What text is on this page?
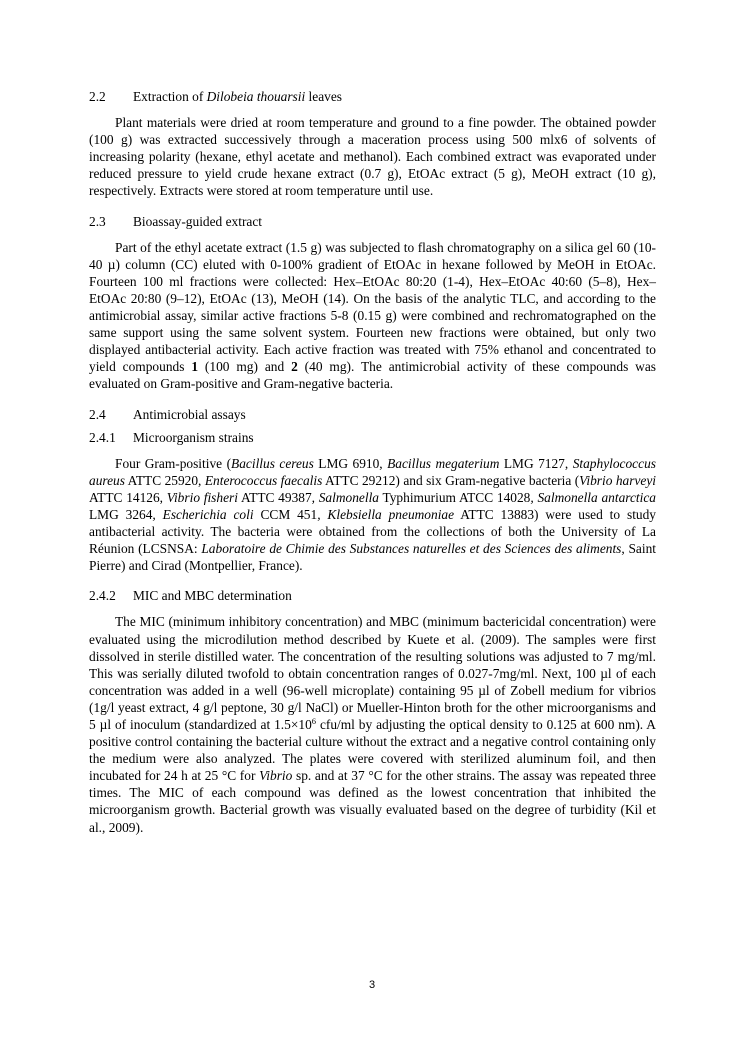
2.2	Extraction of Dilobeia thouarsii leaves

Plant materials were dried at room temperature and ground to a fine powder. The obtained powder (100 g) was extracted successively through a maceration process using 500 mlx6 of solvents of increasing polarity (hexane, ethyl acetate and methanol). Each combined extract was evaporated under reduced pressure to yield crude hexane extract (0.7 g), EtOAc extract (5 g), MeOH extract (10 g), respectively. Extracts were stored at room temperature until use.

2.3	Bioassay-guided extract

Part of the ethyl acetate extract (1.5 g) was subjected to flash chromatography on a silica gel 60 (10-40 µ) column (CC) eluted with 0-100% gradient of EtOAc in hexane followed by MeOH in EtOAc. Fourteen 100 ml fractions were collected: Hex–EtOAc 80:20 (1-4), Hex–EtOAc 40:60 (5–8), Hex– EtOAc 20:80 (9–12), EtOAc (13), MeOH (14). On the basis of the analytic TLC, and according to the antimicrobial assay, similar active fractions 5-8 (0.15 g) were combined and rechromatographed on the same support using the same solvent system. Fourteen new fractions were obtained, but only two displayed antibacterial activity. Each active fraction was treated with 75% ethanol and concentrated to yield compounds 1 (100 mg) and 2 (40 mg). The antimicrobial activity of these compounds was evaluated on Gram-positive and Gram-negative bacteria.

2.4	Antimicrobial assays
2.4.1	Microorganism strains

Four Gram-positive (Bacillus cereus LMG 6910, Bacillus megaterium LMG 7127, Staphylococcus aureus ATTC 25920, Enterococcus faecalis ATTC 29212) and six Gram-negative bacteria (Vibrio harveyi ATTC 14126, Vibrio fisheri ATTC 49387, Salmonella Typhimurium ATCC 14028, Salmonella antarctica LMG 3264, Escherichia coli CCM 451, Klebsiella pneumoniae ATTC 13883) were used to study antibacterial activity. The bacteria were obtained from the collections of both the University of La Réunion (LCSNSA: Laboratoire de Chimie des Substances naturelles et des Sciences des aliments, Saint Pierre) and Cirad (Montpellier, France).

2.4.2	MIC and MBC determination

The MIC (minimum inhibitory concentration) and MBC (minimum bactericidal concentration) were evaluated using the microdilution method described by Kuete et al. (2009). The samples were first dissolved in sterile distilled water. The concentration of the resulting solutions was adjusted to 7 mg/ml. This was serially diluted twofold to obtain concentration ranges of 0.027-7mg/ml. Next, 100 µl of each concentration was added in a well (96-well microplate) containing 95 µl of Zobell medium for vibrios (1g/l yeast extract, 4 g/l peptone, 30 g/l NaCl) or Mueller-Hinton broth for the other microorganisms and 5 µl of inoculum (standardized at $1.5\times 10^6$ cfu/ml by adjusting the optical density to 0.125 at 600 nm). A positive control containing the bacterial culture without the extract and a negative control containing only the medium were also analyzed. The plates were covered with sterilized aluminum foil, and then incubated for 24 h at 25 °C for Vibrio sp. and at 37 °C for the other strains. The assay was repeated three times. The MIC of each compound was defined as the lowest concentration that inhibited the microorganism growth. Bacterial growth was visually evaluated based on the degree of turbidity (Kil et al., 2009).

3
